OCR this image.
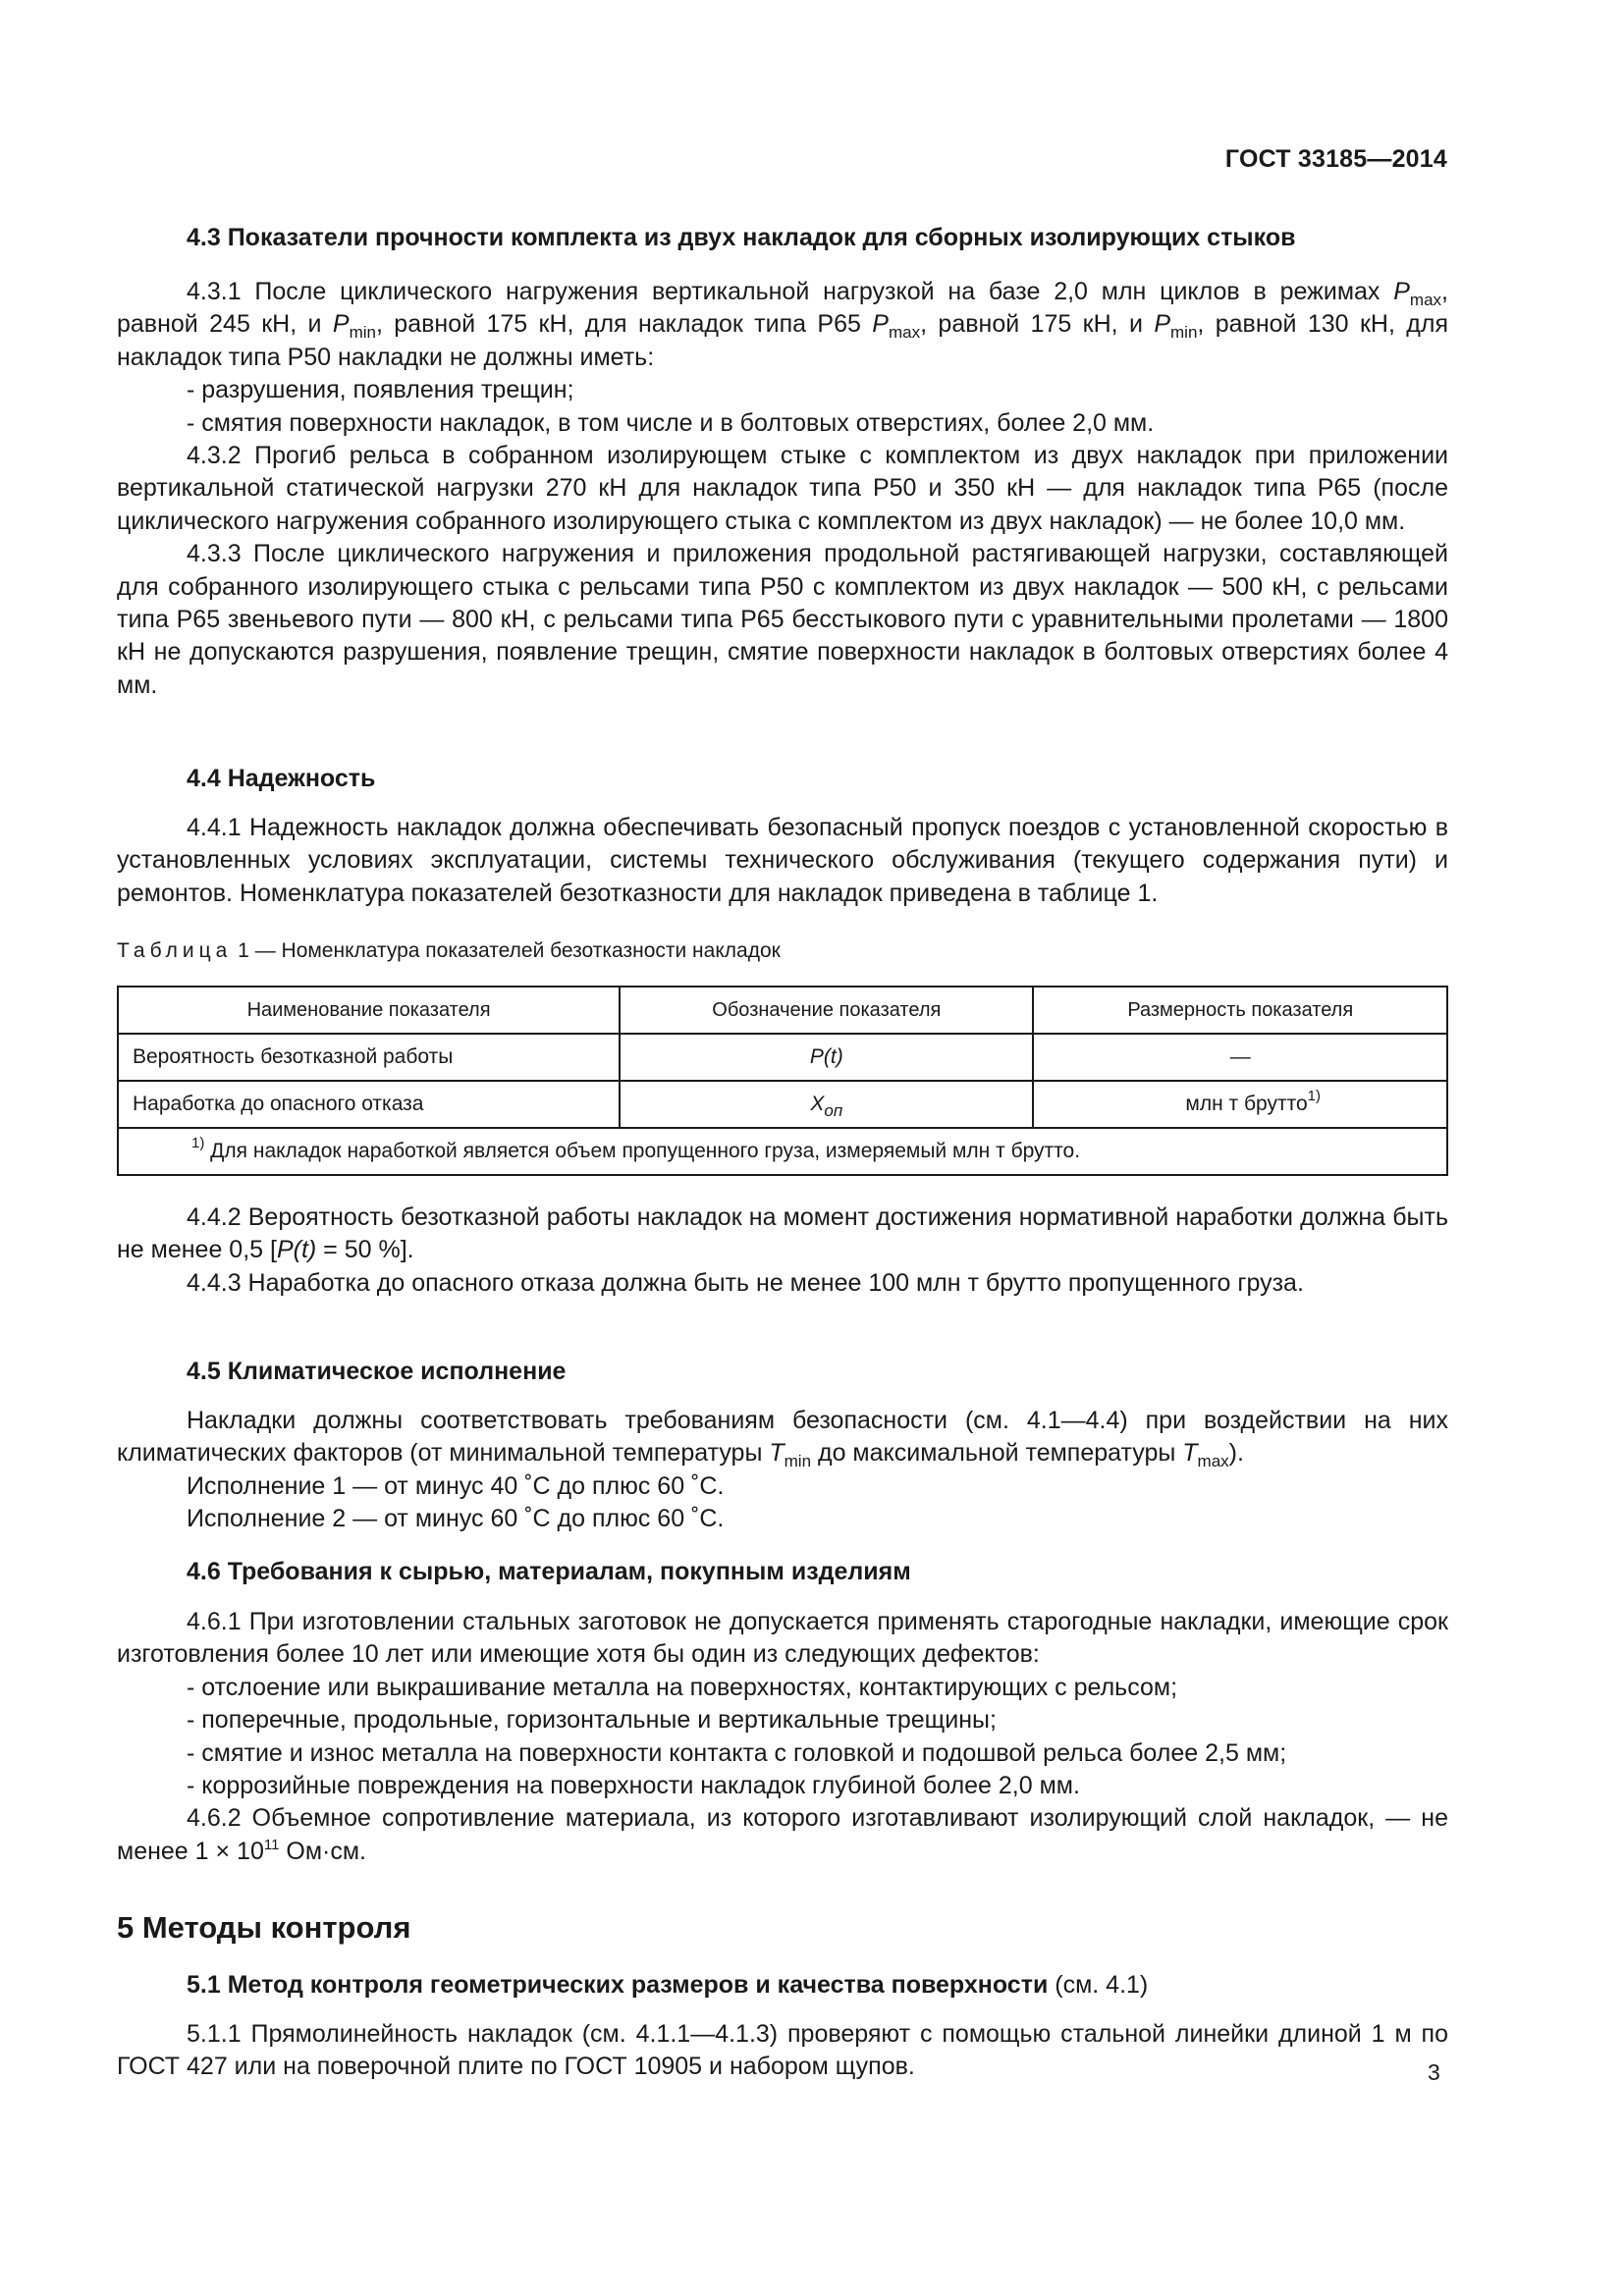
ГОСТ 33185—2014
4.3 Показатели прочности комплекта из двух накладок для сборных изолирующих стыков

4.3.1 После циклического нагружения вертикальной нагрузкой на базе 2,0 млн циклов в режимах $P_{max}$, равной 245 кН, и $P_{min}$, равной 175 кН, для накладок типа Р65 $P_{max}$, равной 175 кН, и $P_{min}$, равной 130 кН, для накладок типа Р50 накладки не должны иметь:

- разрушения, появления трещин;

- смятия поверхности накладок, в том числе и в болтовых отверстиях, более 2,0 мм.

4.3.2 Прогиб рельса в собранном изолирующем стыке с комплектом из двух накладок при приложении вертикальной статической нагрузки 270 кН для накладок типа Р50 и 350 кН — для накладок типа Р65 (после циклического нагружения собранного изолирующего стыка с комплектом из двух накладок) — не более 10,0 мм.

4.3.3 После циклического нагружения и приложения продольной растягивающей нагрузки, составляющей для собранного изолирующего стыка с рельсами типа Р50 с комплектом из двух накладок — 500 кН, с рельсами типа Р65 звеньевого пути — 800 кН, с рельсами типа Р65 бесстыкового пути с уравнительными пролетами — 1800 кН не допускаются разрушения, появление трещин, смятие поверхности накладок в болтовых отверстиях более 4 мм.

4.4 Надежность

4.4.1 Надежность накладок должна обеспечивать безопасный пропуск поездов с установленной скоростью в установленных условиях эксплуатации, системы технического обслуживания (текущего содержания пути) и ремонтов. Номенклатура показателей безотказности для накладок приведена в таблице 1.

Таблица 1 — Номенклатура показателей безотказности накладок
Наименование показателя	Обозначение показателя	Размерность показателя
Вероятность безотказной работы	P(t)	—
Наработка до опасного отказа	$X_{оп}$	млн т брутто$^{1)}$
$^{1)}$ Для накладок наработкой является объем пропущенного груза, измеряемый млн т брутто.		

4.4.2 Вероятность безотказной работы накладок на момент достижения нормативной наработки должна быть не менее 0,5 [P(t) = 50 %].

4.4.3 Наработка до опасного отказа должна быть не менее 100 млн т брутто пропущенного груза.

4.5 Климатическое исполнение

Накладки должны соответствовать требованиям безопасности (см. 4.1—4.4) при воздействии на них климатических факторов (от минимальной температуры $T_{min}$ до максимальной температуры $T_{max}$).

Исполнение 1 — от минус 40 ˚С до плюс 60 ˚С.

Исполнение 2 — от минус 60 ˚С до плюс 60 ˚С.

4.6 Требования к сырью, материалам, покупным изделиям

4.6.1 При изготовлении стальных заготовок не допускается применять старогодные накладки, имеющие срок изготовления более 10 лет или имеющие хотя бы один из следующих дефектов:

- отслоение или выкрашивание металла на поверхностях, контактирующих с рельсом;

- поперечные, продольные, горизонтальные и вертикальные трещины;

- смятие и износ металла на поверхности контакта с головкой и подошвой рельса более 2,5 мм;

- коррозийные повреждения на поверхности накладок глубиной более 2,0 мм.

4.6.2 Объемное сопротивление материала, из которого изготавливают изолирующий слой накладок, — не менее $1 \times 10^{11}$ Ом·см.

5 Методы контроля
5.1 Метод контроля геометрических размеров и качества поверхности (см. 4.1)

5.1.1 Прямолинейность накладок (см. 4.1.1—4.1.3) проверяют с помощью стальной линейки длиной 1 м по ГОСТ 427 или на поверочной плите по ГОСТ 10905 и набором щупов.	3
